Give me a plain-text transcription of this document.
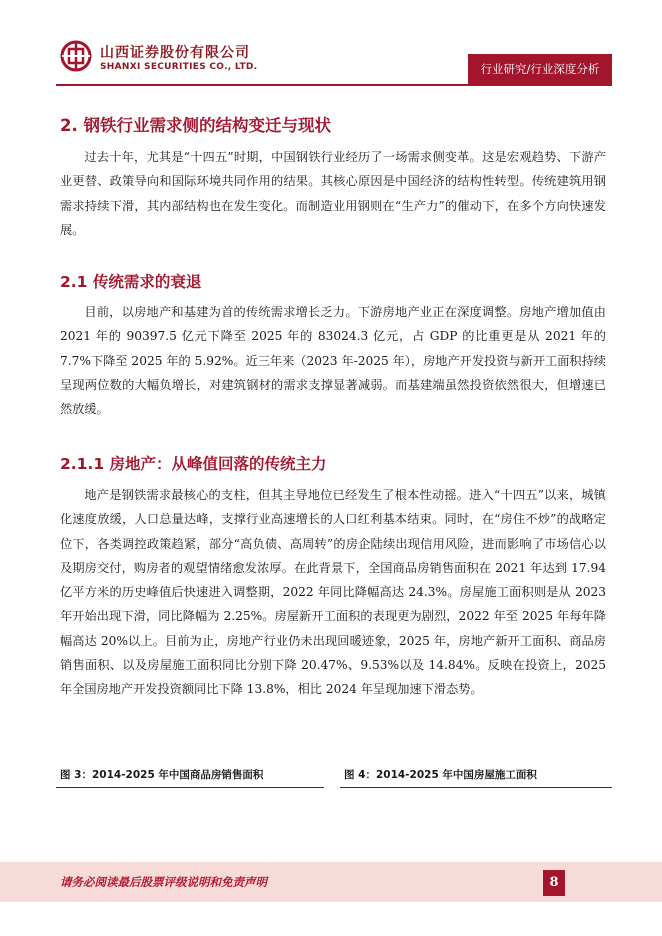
山西证券股份有限公司
SHANXI SECURITIES CO., LTD.	行业研究/行业深度分析
2. 钢铁行业需求侧的结构变迁与现状

过去十年，尤其是“十四五”时期，中国钢铁行业经历了一场需求侧变革。这是宏观趋势、下游产业更替、政策导向和国际环境共同作用的结果。其核心原因是中国经济的结构性转型。传统建筑用钢需求持续下滑，其内部结构也在发生变化。而制造业用钢则在“生产力”的催动下，在多个方向快速发展。

2.1 传统需求的衰退

目前，以房地产和基建为首的传统需求增长乏力。下游房地产业正在深度调整。房地产增加值由 2021 年的 90397.5 亿元下降至 2025 年的 83024.3 亿元，占 GDP 的比重更是从 2021 年的 7.7%下降至 2025 年的 5.92%。近三年来（2023 年-2025 年），房地产开发投资与新开工面积持续呈现两位数的大幅负增长，对建筑钢材的需求支撑显著减弱。而基建端虽然投资依然很大，但增速已然放缓。

2.1.1 房地产：从峰值回落的传统主力

地产是钢铁需求最核心的支柱，但其主导地位已经发生了根本性动摇。进入“十四五”以来，城镇化速度放缓，人口总量达峰，支撑行业高速增长的人口红利基本结束。同时，在“房住不炒”的战略定位下，各类调控政策趋紧，部分“高负债、高周转”的房企陆续出现信用风险，进而影响了市场信心以及期房交付，购房者的观望情绪愈发浓厚。在此背景下，全国商品房销售面积在 2021 年达到 17.94 亿平方米的历史峰值后快速进入调整期，2022 年同比降幅高达 24.3%。房屋施工面积则是从 2023 年开始出现下滑，同比降幅为 2.25%。房屋新开工面积的表现更为剧烈，2022 年至 2025 年每年降幅高达 20%以上。目前为止，房地产行业仍未出现回暖迹象，2025 年，房地产新开工面积、商品房销售面积、以及房屋施工面积同比分别下降 20.47%、9.53%以及 14.84%。反映在投资上，2025 年全国房地产开发投资额同比下降 13.8%，相比 2024 年呈现加速下滑态势。

图 3：2014-2025 年中国商品房销售面积	图 4：2014-2025 年中国房屋施工面积
请务必阅读最后股票评级说明和免责声明	8
